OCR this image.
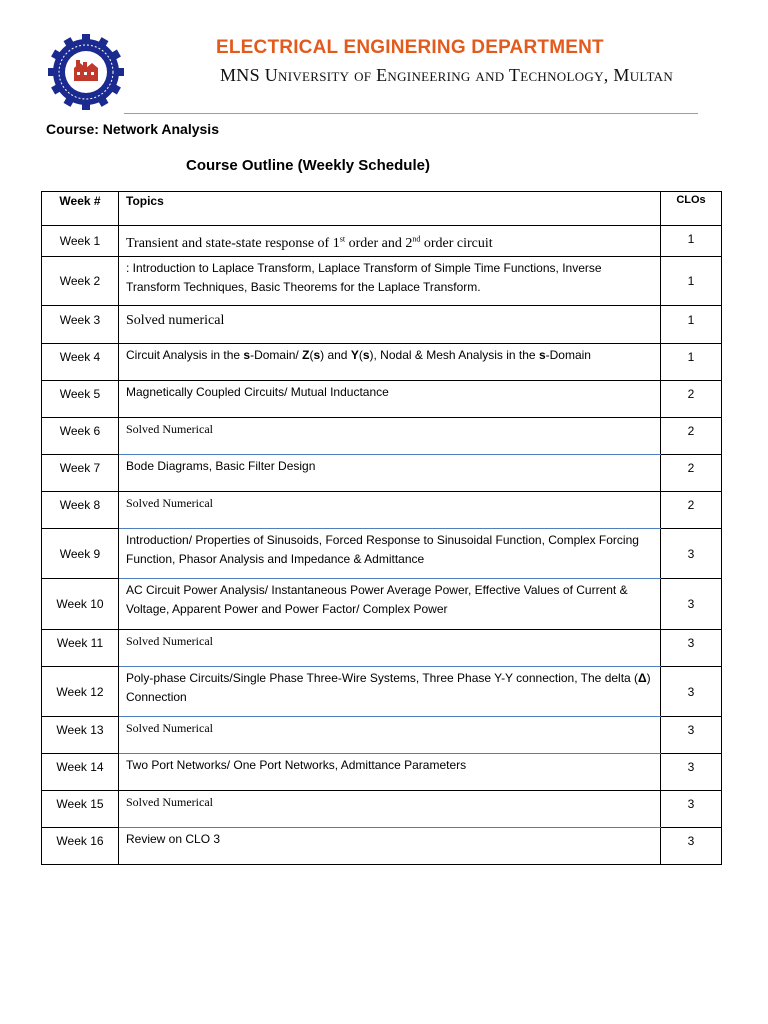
ELECTRICAL ENGINERING DEPARTMENT
MNS University of Engineering and Technology, Multan
Course: Network Analysis
Course Outline (Weekly Schedule)
Week #	Topics	CLOs
Week 1	Transient and state-state response of 1st order and 2nd order circuit	1
Week 2	: Introduction to Laplace Transform, Laplace Transform of Simple Time Functions, Inverse Transform Techniques, Basic Theorems for the Laplace Transform.	1
Week 3	Solved numerical	1
Week 4	Circuit Analysis in the s-Domain/ Z(s) and Y(s), Nodal & Mesh Analysis in the s-Domain	1
Week 5	Magnetically Coupled Circuits/ Mutual Inductance	2
Week 6	Solved Numerical	2
Week 7	Bode Diagrams, Basic Filter Design	2
Week 8	Solved Numerical	2
Week 9	Introduction/ Properties of Sinusoids, Forced Response to Sinusoidal Function, Complex Forcing Function, Phasor Analysis and Impedance & Admittance	3
Week 10	AC Circuit Power Analysis/ Instantaneous Power Average Power, Effective Values of Current & Voltage, Apparent Power and Power Factor/ Complex Power	3
Week 11	Solved Numerical	3
Week 12	Poly-phase Circuits/Single Phase Three-Wire Systems, Three Phase Y-Y connection, The delta (Δ) Connection	3
Week 13	Solved Numerical	3
Week 14	Two Port Networks/ One Port Networks, Admittance Parameters	3
Week 15	Solved Numerical	3
Week 16	Review on CLO 3	3
